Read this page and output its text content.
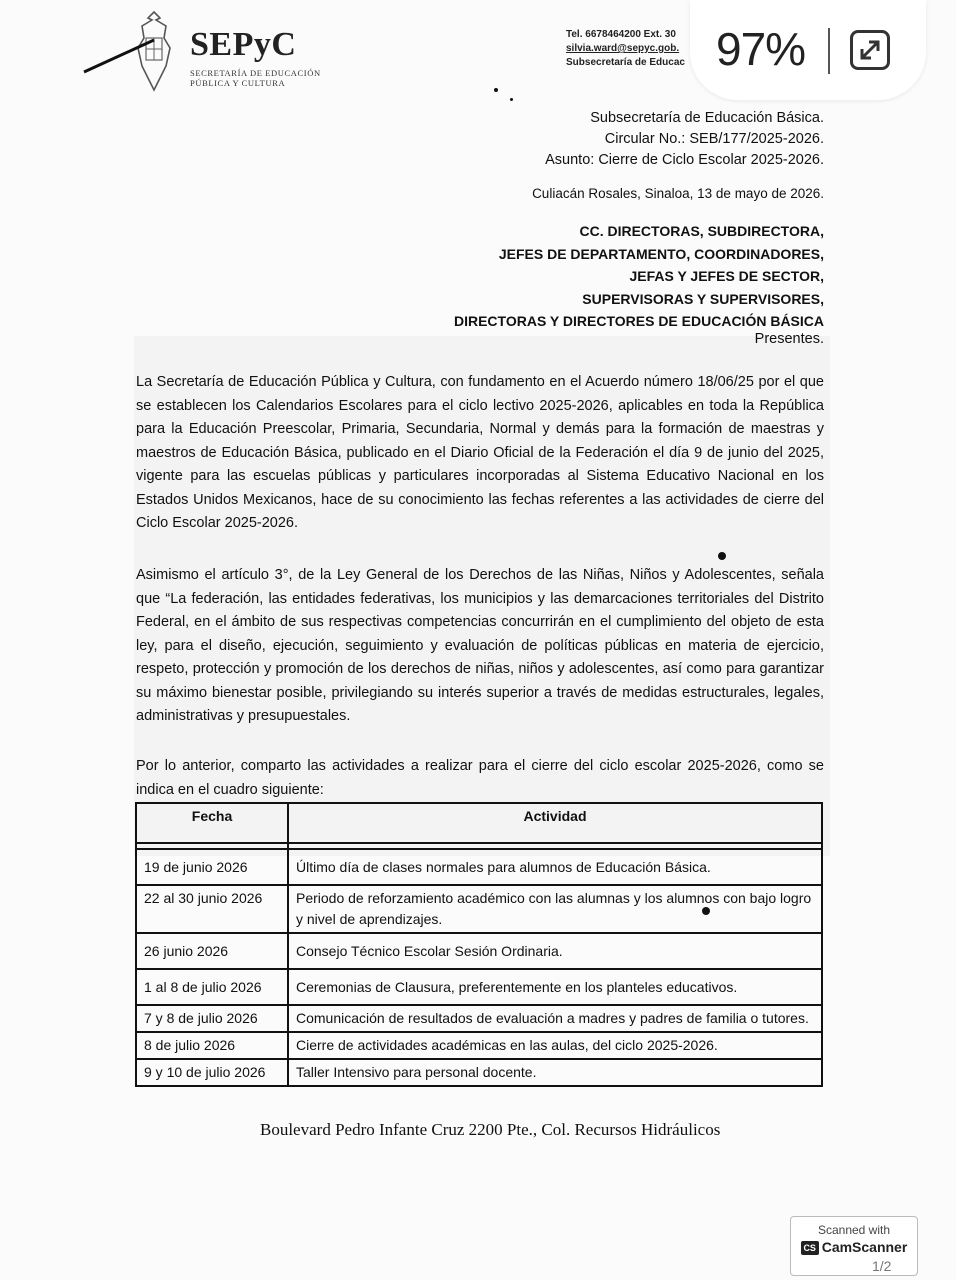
SEPyC
SECRETARÍA DE EDUCACIÓN PÚBLICA Y CULTURA
Tel. 6678464200 Ext. 30
silvia.ward@sepyc.gob.
Subsecretaría de Educac 97%
Subsecretaría de Educación Básica.
Circular No.: SEB/177/2025-2026.
Asunto: Cierre de Ciclo Escolar 2025-2026.
Culiacán Rosales, Sinaloa, 13 de mayo de 2026.
CC. DIRECTORAS, SUBDIRECTORA,
JEFES DE DEPARTAMENTO, COORDINADORES,
JEFAS Y JEFES DE SECTOR,
SUPERVISORAS Y SUPERVISORES,
DIRECTORAS Y DIRECTORES DE EDUCACIÓN BÁSICA
Presentes.
La Secretaría de Educación Pública y Cultura, con fundamento en el Acuerdo número 18/06/25 por el que se establecen los Calendarios Escolares para el ciclo lectivo 2025-2026, aplicables en toda la República para la Educación Preescolar, Primaria, Secundaria, Normal y demás para la formación de maestras y maestros de Educación Básica, publicado en el Diario Oficial de la Federación el día 9 de junio del 2025, vigente para las escuelas públicas y particulares incorporadas al Sistema Educativo Nacional en los Estados Unidos Mexicanos, hace de su conocimiento las fechas referentes a las actividades de cierre del Ciclo Escolar 2025-2026.
Asimismo el artículo 3°, de la Ley General de los Derechos de las Niñas, Niños y Adolescentes, señala que “La federación, las entidades federativas, los municipios y las demarcaciones territoriales del Distrito Federal, en el ámbito de sus respectivas competencias concurrirán en el cumplimiento del objeto de esta ley, para el diseño, ejecución, seguimiento y evaluación de políticas públicas en materia de ejercicio, respeto, protección y promoción de los derechos de niñas, niños y adolescentes, así como para garantizar su máximo bienestar posible, privilegiando su interés superior a través de medidas estructurales, legales, administrativas y presupuestales.
Por lo anterior, comparto las actividades a realizar para el cierre del ciclo escolar 2025-2026, como se indica en el cuadro siguiente:
Fecha	Actividad

19 de junio 2026	Último día de clases normales para alumnos de Educación Básica.
22 al 30 junio 2026	Periodo de reforzamiento académico con las alumnas y los alumnos con bajo logro y nivel de aprendizajes.
26 junio 2026	Consejo Técnico Escolar Sesión Ordinaria.
1 al 8 de julio 2026	Ceremonias de Clausura, preferentemente en los planteles educativos.
7 y 8 de julio 2026	Comunicación de resultados de evaluación a madres y padres de familia o tutores.
8 de julio 2026	Cierre de actividades académicas en las aulas, del ciclo 2025-2026.
9 y 10 de julio 2026	Taller Intensivo para personal docente.
Boulevard Pedro Infante Cruz 2200 Pte., Col. Recursos Hidráulicos
Scanned with
CS CamScanner
1/2
